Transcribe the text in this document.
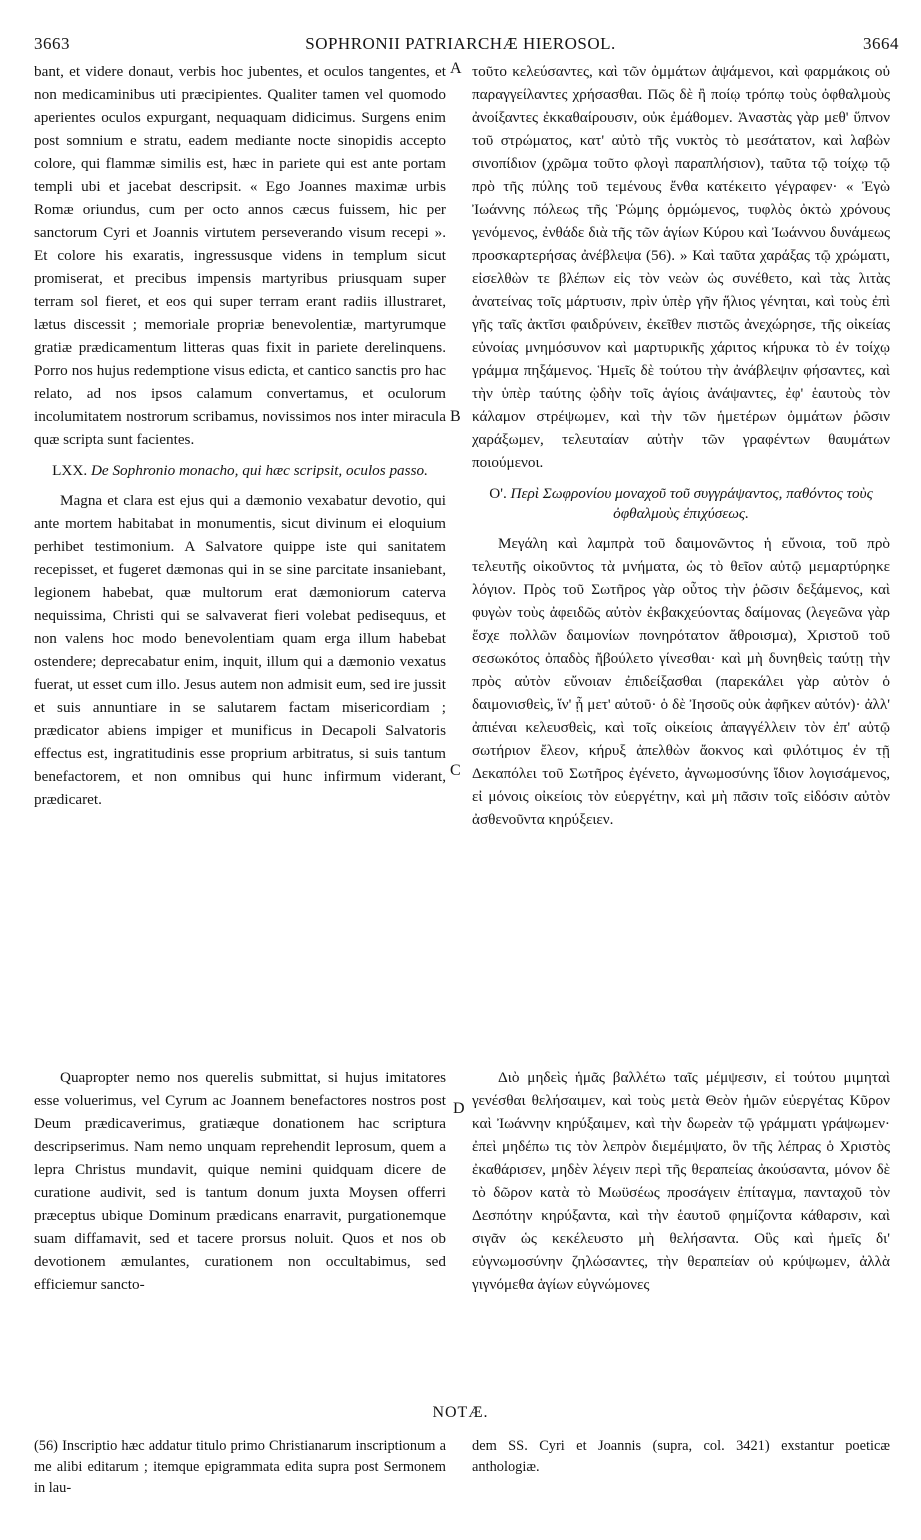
3663	SOPHRONII PATRIARCHÆ HIEROSOL.	3664
A
B
C
D

bant, et videre donaut, verbis hoc jubentes, et oculos tangentes, et non medicaminibus uti præcipientes. Qualiter tamen vel quomodo aperientes oculos expurgant, nequaquam didicimus. Surgens enim post somnium e stratu, eadem mediante nocte sinopidis accepto colore, qui flammæ similis est, hæc in pariete qui est ante portam templi ubi et jacebat descripsit. « Ego Joannes maximæ urbis Romæ oriundus, cum per octo annos cæcus fuissem, hic per sanctorum Cyri et Joannis virtutem perseverando visum recepi ». Et colore his exaratis, ingressusque videns in templum sicut promiserat, et precibus impensis martyribus priusquam super terram sol fieret, et eos qui super terram erant radiis illustraret, lætus discessit ; memoriale propriæ benevolentiæ, martyrumque gratiæ prædicamentum litteras quas fixit in pariete derelinquens. Porro nos hujus redemptione visus edicta, et cantico sanctis pro hac relato, ad nos ipsos calamum convertamus, et oculorum incolumitatem nostrorum scribamus, novissimos nos inter miracula quæ scripta sunt facientes.

LXX. De Sophronio monacho, qui hæc scripsit, oculos passo.

Magna et clara est ejus qui a dæmonio vexabatur devotio, qui ante mortem habitabat in monumentis, sicut divinum ei eloquium perhibet testimonium. A Salvatore quippe iste qui sanitatem recepisset, et fugeret dæmonas qui in se sine parcitate insaniebant, legionem habebat, quæ multorum erat dæmoniorum caterva nequissima, Christi qui se salvaverat fieri volebat pedisequus, et non valens hoc modo benevolentiam quam erga illum habebat ostendere; deprecabatur enim, inquit, illum qui a dæmonio vexatus fuerat, ut esset cum illo. Jesus autem non admisit eum, sed ire jussit et suis annuntiare in se salutarem factam misericordiam ; prædicator abiens impiger et munificus in Decapoli Salvatoris effectus est, ingratitudinis esse proprium arbitratus, si suis tantum benefactorem, et non omnibus qui hunc infirmum viderant, prædicaret.

Quapropter nemo nos querelis submittat, si hujus imitatores esse voluerimus, vel Cyrum ac Joannem benefactores nostros post Deum prædicaverimus, gratiæque donationem hac scriptura descripserimus. Nam nemo unquam reprehendit leprosum, quem a lepra Christus mundavit, quique nemini quidquam dicere de curatione audivit, sed is tantum donum juxta Moysen offerri præceptus ubique Dominum prædicans enarravit, purgationemque suam diffamavit, sed et tacere prorsus noluit. Quos et nos ob devotionem æmulantes, curationem non occultabimus, sed efficiemur sancto-

τοῦτο κελεύσαντες, καὶ τῶν ὀμμάτων ἀψάμενοι, καὶ φαρμάκοις οὐ παραγγείλαντες χρήσασθαι. Πῶς δὲ ἢ ποίῳ τρόπῳ τοὺς ὀφθαλμοὺς ἀνοίξαντες ἐκκαθαίρουσιν, οὐκ ἐμάθομεν. Ἀναστὰς γὰρ μεθ' ὕπνον τοῦ στρώματος, κατ' αὐτὸ τῆς νυκτὸς τὸ μεσάτατον, καὶ λαβὼν σινοπίδιον (χρῶμα τοῦτο φλογὶ παραπλήσιον), ταῦτα τῷ τοίχῳ τῷ πρὸ τῆς πύλης τοῦ τεμένους ἔνθα κατέκειτο γέγραφεν· « Ἐγὼ Ἰωάννης πόλεως τῆς Ῥώμης ὁρμώμενος, τυφλὸς ὀκτὼ χρόνους γενόμενος, ἐνθάδε διὰ τῆς τῶν ἁγίων Κύρου καὶ Ἰωάννου δυνάμεως προσκαρτερήσας ἀνέβλεψα (56). » Καὶ ταῦτα χαράξας τῷ χρώματι, εἰσελθὼν τε βλέπων εἰς τὸν νεὼν ὡς συνέθετο, καὶ τὰς λιτὰς ἀνατείνας τοῖς μάρτυσιν, πρὶν ὑπὲρ γῆν ἥλιος γένηται, καὶ τοὺς ἐπὶ γῆς ταῖς ἀκτῖσι φαιδρύνειν, ἐκεῖθεν πιστῶς ἀνεχώρησε, τῆς οἰκείας εὐνοίας μνημόσυνον καὶ μαρτυρικῆς χάριτος κήρυκα τὸ ἐν τοίχῳ γράμμα πηξάμενος. Ἡμεῖς δὲ τούτου τὴν ἀνάβλεψιν φήσαντες, καὶ τὴν ὑπὲρ ταύτης ᾠδὴν τοῖς ἁγίοις ἀνάψαντες, ἐφ' ἑαυτοὺς τὸν κάλαμον στρέψωμεν, καὶ τὴν τῶν ἡμετέρων ὀμμάτων ῥῶσιν χαράξωμεν, τελευταίαν αὐτὴν τῶν γραφέντων θαυμάτων ποιούμενοι.

Ο'. Περὶ Σωφρονίου μοναχοῦ τοῦ συγγράψαντος, παθόντος τοὺς ὀφθαλμοὺς ἐπιχύσεως.

Μεγάλη καὶ λαμπρὰ τοῦ δαιμονῶντος ἡ εὔνοια, τοῦ πρὸ τελευτῆς οἰκοῦντος τὰ μνήματα, ὡς τὸ θεῖον αὐτῷ μεμαρτύρηκε λόγιον. Πρὸς τοῦ Σωτῆρος γὰρ οὗτος τὴν ῥῶσιν δεξάμενος, καὶ φυγὼν τοὺς ἀφειδῶς αὐτὸν ἐκβακχεύοντας δαίμονας (λεγεῶνα γὰρ ἔσχε πολλῶν δαιμονίων πονηρότατον ἄθροισμα), Χριστοῦ τοῦ σεσωκότος ὀπαδὸς ἤβούλετο γίνεσθαι· καὶ μὴ δυνηθεὶς ταύτῃ τὴν πρὸς αὐτὸν εὔνοιαν ἐπιδείξασθαι (παρεκάλει γὰρ αὐτὸν ὁ δαιμονισθεὶς, ἵν' ᾖ μετ' αὐτοῦ· ὁ δὲ Ἰησοῦς οὐκ ἀφῆκεν αὐτόν)· ἀλλ' ἀπιέναι κελευσθεὶς, καὶ τοῖς οἰκείοις ἀπαγγέλλειν τὸν ἐπ' αὐτῷ σωτήριον ἔλεον, κήρυξ ἀπελθὼν ἄοκνος καὶ φιλότιμος ἐν τῇ Δεκαπόλει τοῦ Σωτῆρος ἐγένετο, ἀγνωμοσύνης ἴδιον λογισάμενος, εἰ μόνοις οἰκείοις τὸν εὐεργέτην, καὶ μὴ πᾶσιν τοῖς εἰδόσιν αὐτὸν ἀσθενοῦντα κηρύξειεν.

Διὸ μηδεὶς ἡμᾶς βαλλέτω ταῖς μέμψεσιν, εἰ τούτου μιμηταὶ γενέσθαι θελήσαιμεν, καὶ τοὺς μετὰ Θεὸν ἡμῶν εὐεργέτας Κῦρον καὶ Ἰωάννην κηρύξαιμεν, καὶ τὴν δωρεὰν τῷ γράμματι γράψωμεν· ἐπεὶ μηδέπω τις τὸν λεπρὸν διεμέμψατο, ὃν τῆς λέπρας ὁ Χριστὸς ἐκαθάρισεν, μηδὲν λέγειν περὶ τῆς θεραπείας ἀκούσαντα, μόνον δὲ τὸ δῶρον κατὰ τὸ Μωϋσέως προσάγειν ἐπίταγμα, πανταχοῦ τὸν Δεσπότην κηρύξαντα, καὶ τὴν ἑαυτοῦ φημίζοντα κάθαρσιν, καὶ σιγᾶν ὡς κεκέλευστο μὴ θελήσαντα. Οὓς καὶ ἡμεῖς δι' εὐγνωμοσύνην ζηλώσαντες, τὴν θεραπείαν οὐ κρύψωμεν, ἀλλὰ γιγνόμεθα ἁγίων εὐγνώμονες

NOTÆ.
(56) Inscriptio hæc addatur titulo primo Christianarum inscriptionum a me alibi editarum ; itemque epigrammata edita supra post Sermonem in lau-
dem SS. Cyri et Joannis (supra, col. 3421) exstantur poeticæ anthologiæ.
